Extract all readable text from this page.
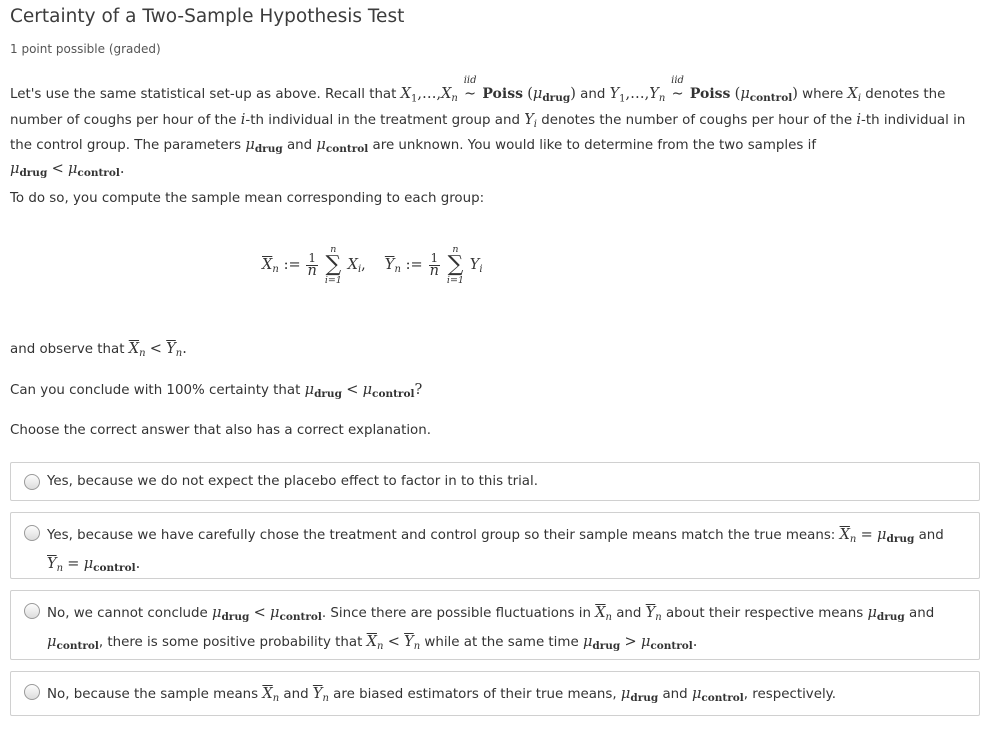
Certainty of a Two-Sample Hypothesis Test
1 point possible (graded)
Let's use the same statistical set-up as above. Recall that $X_1,\dots,X_n$
iid
∼ Poiss $(\mu_{drug})$ and $Y_1,\dots,Y_n$
iid
∼ Poiss $(\mu_{control})$ where $X_i$ denotes the number of coughs per hour of the i-th individual in the treatment group and $Y_i$ denotes the number of coughs per hour of the i-th individual in the control group. The parameters $\mu_{drug}$ and $\mu_{control}$ are unknown. You would like to determine from the two samples if
$\mu_{drug} < \mu_{control}$.
To do so, you compute the sample mean corresponding to each group:
$\overline{X}_n$ := $\frac{1}{n}$
n
∑
i=1
$X_i$, $\overline{Y}_n$ := $\frac{1}{n}$
n
∑
i=1
$Y_i$
and observe that $\overline{X}_n < \overline{Y}_n$.
Can you conclude with 100% certainty that $\mu_{drug} < \mu_{control}$?
Choose the correct answer that also has a correct explanation.
Yes, because we do not expect the placebo effect to factor in to this trial.
Yes, because we have carefully chose the treatment and control group so their sample means match the true means: $\overline{X}_n = \mu_{drug}$ and
$\overline{Y}_n = \mu_{control}$.
No, we cannot conclude $\mu_{drug} < \mu_{control}$. Since there are possible fluctuations in $\overline{X}_n$ and $\overline{Y}_n$ about their respective means $\mu_{drug}$ and
$\mu_{control}$, there is some positive probability that $\overline{X}_n < \overline{Y}_n$ while at the same time $\mu_{drug} > \mu_{control}$.
No, because the sample means $\overline{X}_n$ and $\overline{Y}_n$ are biased estimators of their true means, $\mu_{drug}$ and $\mu_{control}$, respectively.
